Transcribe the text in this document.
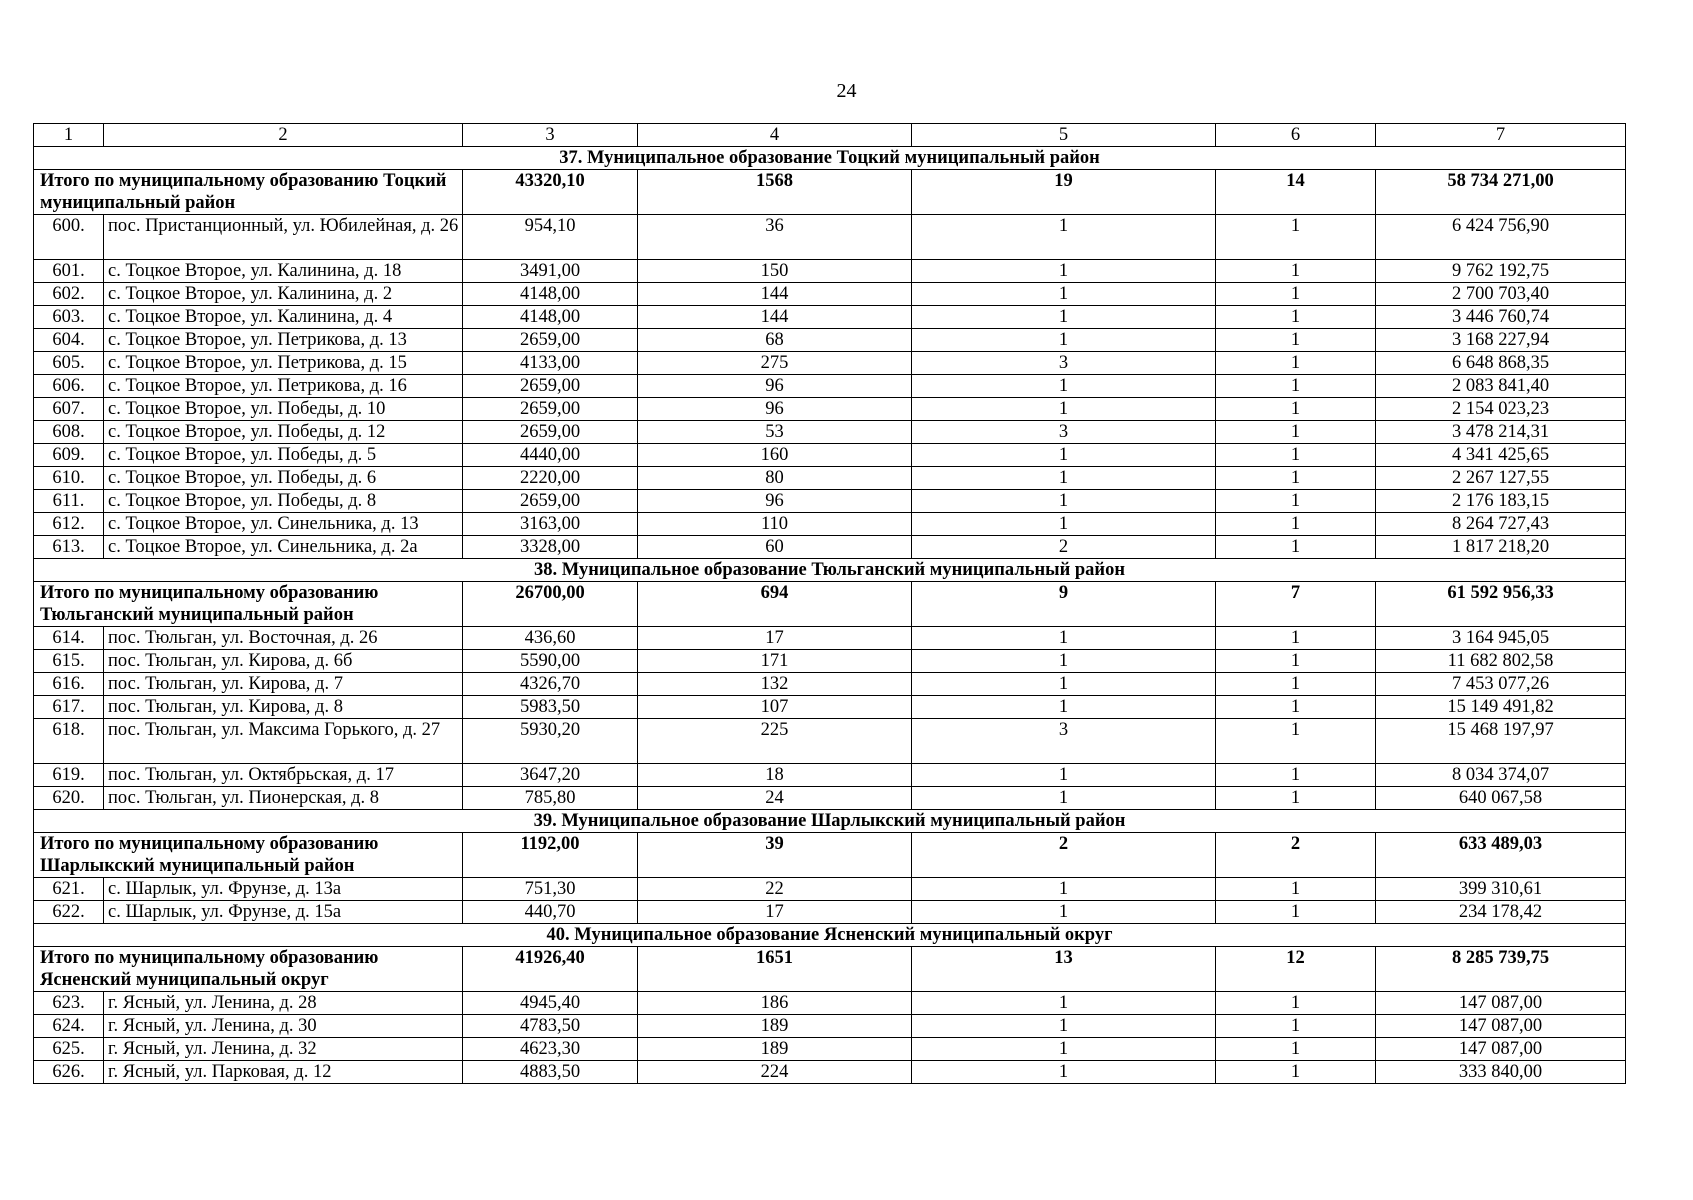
24
1	2	3	4	5	6	7
37. Муниципальное образование Тоцкий муниципальный район						
Итого по муниципальному образованию Тоцкий муниципальный район		43320,10	1568	19	14	58 734 271,00
600.	пос. Пристанционный, ул. Юбилейная, д. 26	954,10	36	1	1	6 424 756,90
601.	с. Тоцкое Второе, ул. Калинина, д. 18	3491,00	150	1	1	9 762 192,75
602.	с. Тоцкое Второе, ул. Калинина, д. 2	4148,00	144	1	1	2 700 703,40
603.	с. Тоцкое Второе, ул. Калинина, д. 4	4148,00	144	1	1	3 446 760,74
604.	с. Тоцкое Второе, ул. Петрикова, д. 13	2659,00	68	1	1	3 168 227,94
605.	с. Тоцкое Второе, ул. Петрикова, д. 15	4133,00	275	3	1	6 648 868,35
606.	с. Тоцкое Второе, ул. Петрикова, д. 16	2659,00	96	1	1	2 083 841,40
607.	с. Тоцкое Второе, ул. Победы, д. 10	2659,00	96	1	1	2 154 023,23
608.	с. Тоцкое Второе, ул. Победы, д. 12	2659,00	53	3	1	3 478 214,31
609.	с. Тоцкое Второе, ул. Победы, д. 5	4440,00	160	1	1	4 341 425,65
610.	с. Тоцкое Второе, ул. Победы, д. 6	2220,00	80	1	1	2 267 127,55
611.	с. Тоцкое Второе, ул. Победы, д. 8	2659,00	96	1	1	2 176 183,15
612.	с. Тоцкое Второе, ул. Синельника, д. 13	3163,00	110	1	1	8 264 727,43
613.	с. Тоцкое Второе, ул. Синельника, д. 2а	3328,00	60	2	1	1 817 218,20
38. Муниципальное образование Тюльганский муниципальный район						
Итого по муниципальному образованию Тюльганский муниципальный район		26700,00	694	9	7	61 592 956,33
614.	пос. Тюльган, ул. Восточная, д. 26	436,60	17	1	1	3 164 945,05
615.	пос. Тюльган, ул. Кирова, д. 6б	5590,00	171	1	1	11 682 802,58
616.	пос. Тюльган, ул. Кирова, д. 7	4326,70	132	1	1	7 453 077,26
617.	пос. Тюльган, ул. Кирова, д. 8	5983,50	107	1	1	15 149 491,82
618.	пос. Тюльган, ул. Максима Горького, д. 27	5930,20	225	3	1	15 468 197,97
619.	пос. Тюльган, ул. Октябрьская, д. 17	3647,20	18	1	1	8 034 374,07
620.	пос. Тюльган, ул. Пионерская, д. 8	785,80	24	1	1	640 067,58
39. Муниципальное образование Шарлыкский муниципальный район						
Итого по муниципальному образованию Шарлыкский муниципальный район		1192,00	39	2	2	633 489,03
621.	с. Шарлык, ул. Фрунзе, д. 13а	751,30	22	1	1	399 310,61
622.	с. Шарлык, ул. Фрунзе, д. 15а	440,70	17	1	1	234 178,42
40. Муниципальное образование Ясненский муниципальный округ						
Итого по муниципальному образованию Ясненский муниципальный округ		41926,40	1651	13	12	8 285 739,75
623.	г. Ясный, ул. Ленина, д. 28	4945,40	186	1	1	147 087,00
624.	г. Ясный, ул. Ленина, д. 30	4783,50	189	1	1	147 087,00
625.	г. Ясный, ул. Ленина, д. 32	4623,30	189	1	1	147 087,00
626.	г. Ясный, ул. Парковая, д. 12	4883,50	224	1	1	333 840,00
